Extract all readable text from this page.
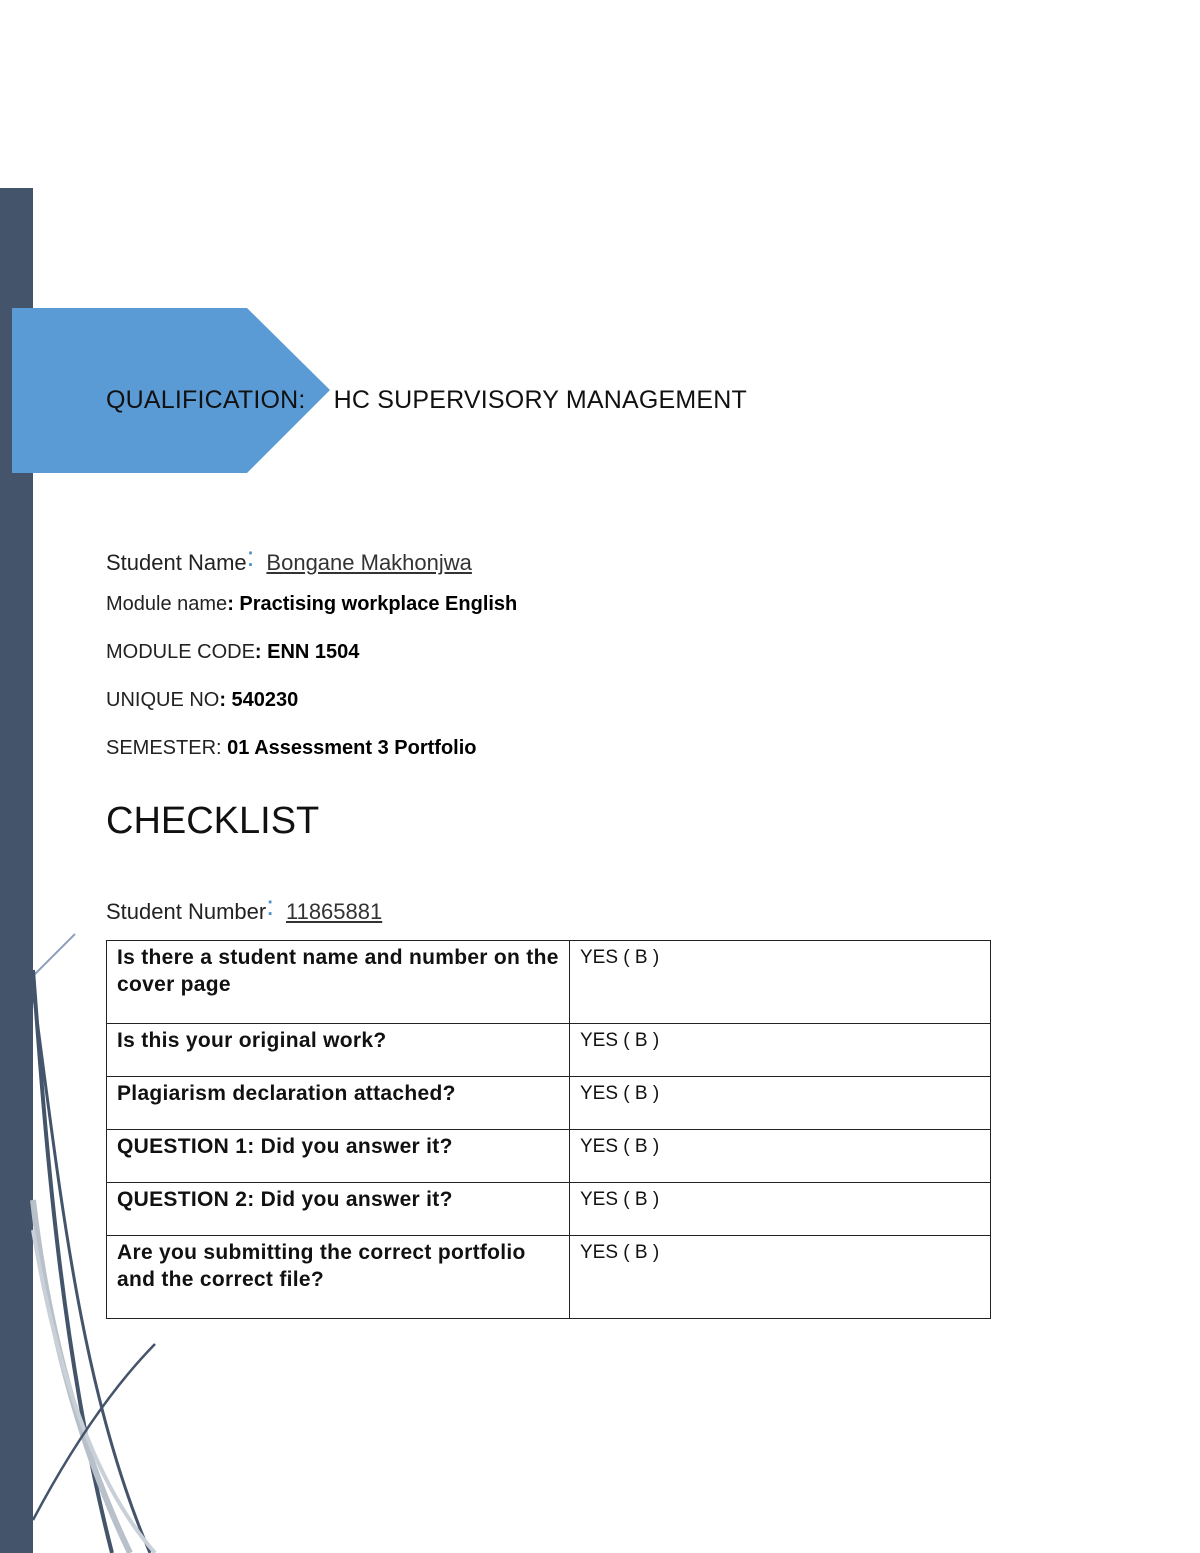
QUALIFICATION: HC SUPERVISORY MANAGEMENT
Student Name: Bongane Makhonjwa
Module name: Practising workplace English
MODULE CODE: ENN 1504
UNIQUE NO: 540230
SEMESTER: 01 Assessment 3 Portfolio
CHECKLIST
Student Number: 11865881
Is there a student name and number on the cover page	YES ( B )
Is this your original work?	YES ( B )
Plagiarism declaration attached?	YES ( B )
QUESTION 1: Did you answer it?	YES ( B )
QUESTION 2: Did you answer it?	YES ( B )
Are you submitting the correct portfolio and the correct file?	YES ( B )
